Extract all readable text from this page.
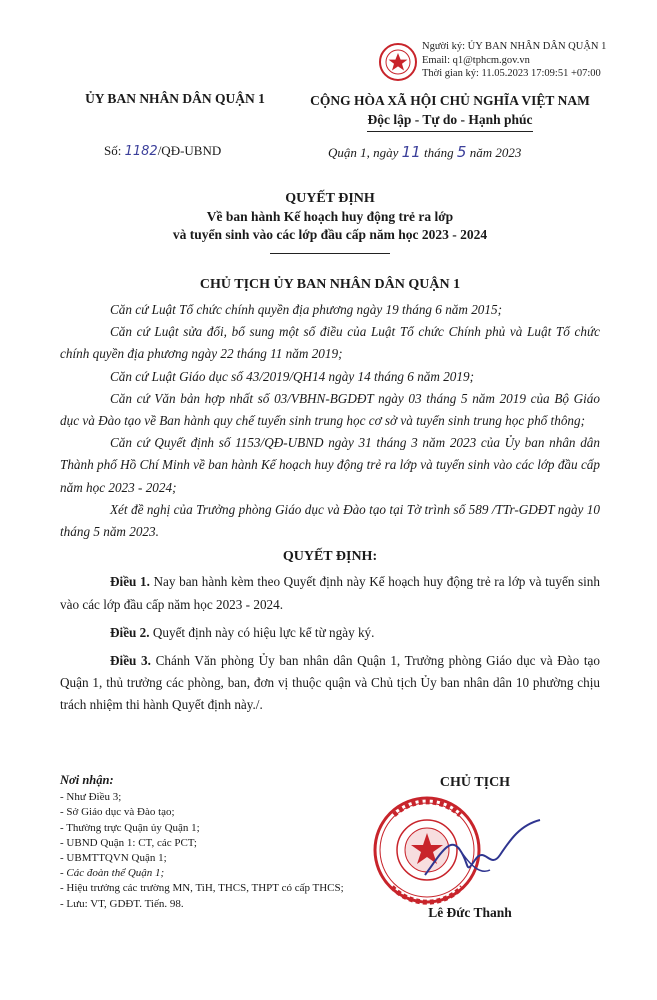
Người ký: ỦY BAN NHÂN DÂN QUẬN 1
Email: q1@tphcm.gov.vn
Thời gian ký: 11.05.2023 17:09:51 +07:00
ỦY BAN NHÂN DÂN QUẬN 1	CỘNG HÒA XÃ HỘI CHỦ NGHĨA VIỆT NAM
Độc lập - Tự do - Hạnh phúc
Số: 1182/QĐ-UBND	Quận 1, ngày 11 tháng 5 năm 2023
QUYẾT ĐỊNH
Về ban hành Kế hoạch huy động trẻ ra lớp
và tuyển sinh vào các lớp đầu cấp năm học 2023 - 2024
CHỦ TỊCH ỦY BAN NHÂN DÂN QUẬN 1

Căn cứ Luật Tổ chức chính quyền địa phương ngày 19 tháng 6 năm 2015;

Căn cứ Luật sửa đổi, bổ sung một số điều của Luật Tổ chức Chính phủ và Luật Tổ chức chính quyền địa phương ngày 22 tháng 11 năm 2019;

Căn cứ Luật Giáo dục số 43/2019/QH14 ngày 14 tháng 6 năm 2019;

Căn cứ Văn bản hợp nhất số 03/VBHN-BGDĐT ngày 03 tháng 5 năm 2019 của Bộ Giáo dục và Đào tạo về Ban hành quy chế tuyển sinh trung học cơ sở và tuyển sinh trung học phổ thông;

Căn cứ Quyết định số 1153/QĐ-UBND ngày 31 tháng 3 năm 2023 của Ủy ban nhân dân Thành phố Hồ Chí Minh về ban hành Kế hoạch huy động trẻ ra lớp và tuyển sinh vào các lớp đầu cấp năm học 2023 - 2024;

Xét đề nghị của Trưởng phòng Giáo dục và Đào tạo tại Tờ trình số 589 /TTr-GDĐT ngày 10 tháng 5 năm 2023.

QUYẾT ĐỊNH:

Điều 1. Nay ban hành kèm theo Quyết định này Kế hoạch huy động trẻ ra lớp và tuyển sinh vào các lớp đầu cấp năm học 2023 - 2024.

Điều 2. Quyết định này có hiệu lực kể từ ngày ký.

Điều 3. Chánh Văn phòng Ủy ban nhân dân Quận 1, Trưởng phòng Giáo dục và Đào tạo Quận 1, thủ trưởng các phòng, ban, đơn vị thuộc quận và Chủ tịch Ủy ban nhân dân 10 phường chịu trách nhiệm thi hành Quyết định này./.

Nơi nhận:
- Như Điều 3;
- Sở Giáo dục và Đào tạo;
- Thường trực Quận ủy Quận 1;
- UBND Quận 1: CT, các PCT;
- UBMTTQVN Quận 1;
- Các đoàn thể Quận 1;
- Hiệu trưởng các trường MN, TiH, THCS, THPT có cấp THCS;
- Lưu: VT, GDĐT. Tiến. 98.
CHỦ TỊCH
Lê Đức Thanh
